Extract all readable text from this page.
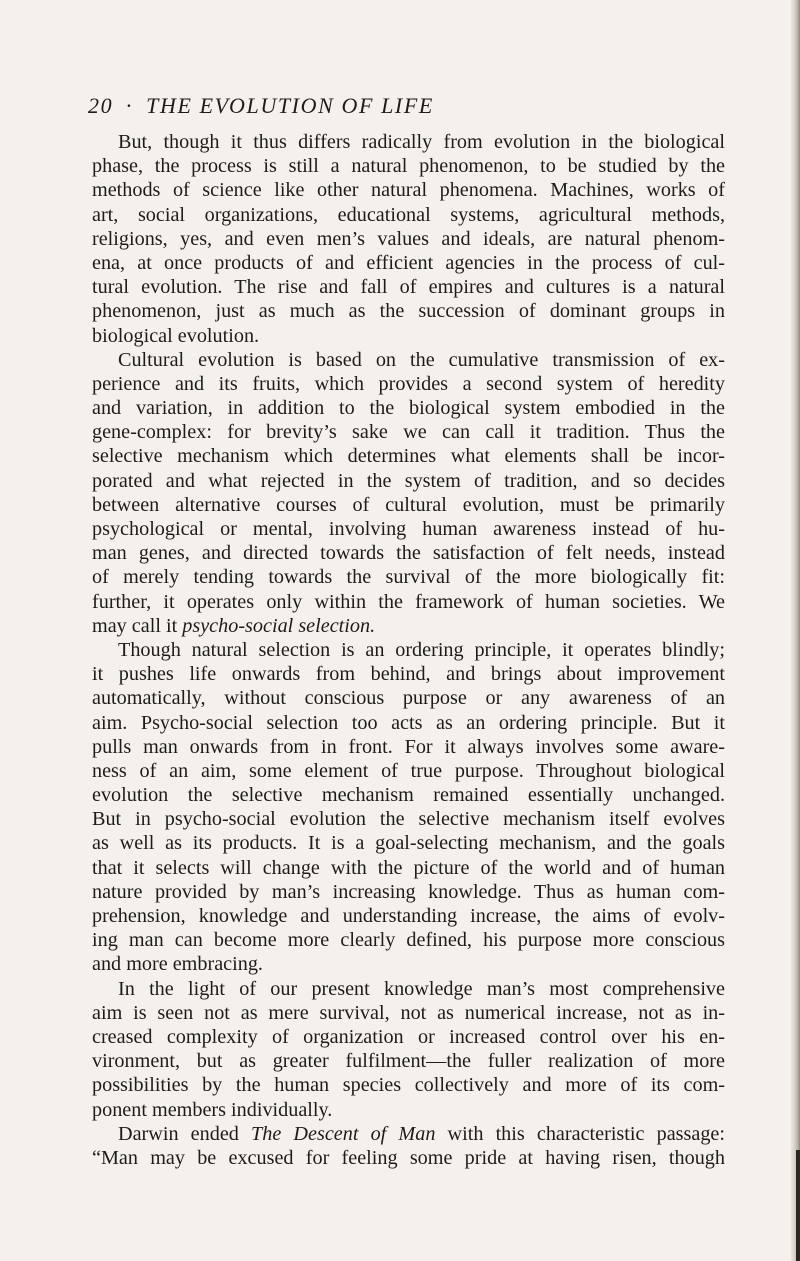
20 · THE EVOLUTION OF LIFE
But, though it thus differs radically from evolution in the biological
phase, the process is still a natural phenomenon, to be studied by the
methods of science like other natural phenomena. Machines, works of
art, social organizations, educational systems, agricultural methods,
religions, yes, and even men’s values and ideals, are natural phenom-
ena, at once products of and efficient agencies in the process of cul-
tural evolution. The rise and fall of empires and cultures is a natural
phenomenon, just as much as the succession of dominant groups in
biological evolution.
Cultural evolution is based on the cumulative transmission of ex-
perience and its fruits, which provides a second system of heredity
and variation, in addition to the biological system embodied in the
gene-complex: for brevity’s sake we can call it tradition. Thus the
selective mechanism which determines what elements shall be incor-
porated and what rejected in the system of tradition, and so decides
between alternative courses of cultural evolution, must be primarily
psychological or mental, involving human awareness instead of hu-
man genes, and directed towards the satisfaction of felt needs, instead
of merely tending towards the survival of the more biologically fit:
further, it operates only within the framework of human societies. We
may call it psycho-social selection.
Though natural selection is an ordering principle, it operates blindly;
it pushes life onwards from behind, and brings about improvement
automatically, without conscious purpose or any awareness of an
aim. Psycho-social selection too acts as an ordering principle. But it
pulls man onwards from in front. For it always involves some aware-
ness of an aim, some element of true purpose. Throughout biological
evolution the selective mechanism remained essentially unchanged.
But in psycho-social evolution the selective mechanism itself evolves
as well as its products. It is a goal-selecting mechanism, and the goals
that it selects will change with the picture of the world and of human
nature provided by man’s increasing knowledge. Thus as human com-
prehension, knowledge and understanding increase, the aims of evolv-
ing man can become more clearly defined, his purpose more conscious
and more embracing.
In the light of our present knowledge man’s most comprehensive
aim is seen not as mere survival, not as numerical increase, not as in-
creased complexity of organization or increased control over his en-
vironment, but as greater fulfilment—the fuller realization of more
possibilities by the human species collectively and more of its com-
ponent members individually.
Darwin ended The Descent of Man with this characteristic passage:
“Man may be excused for feeling some pride at having risen, though
